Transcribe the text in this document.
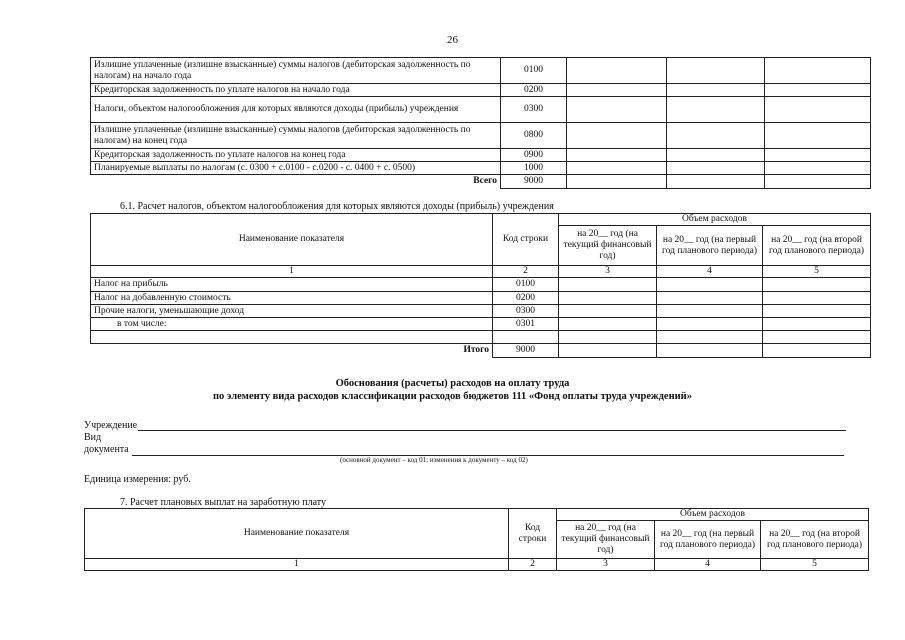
26
Излишне уплаченные (излишне взысканные) суммы налогов (дебиторская задолженность по налогам) на начало года	0100			
Кредиторская задолженность по уплате налогов на начало года	0200			
Налоги, объектом налогообложения для которых являются доходы (прибыль) учреждения	0300			
Излишне уплаченные (излишне взысканные) суммы налогов (дебиторская задолженность по налогам) на конец года	0800			
Кредиторская задолженность по уплате налогов на конец года	0900			
Планируемые выплаты по налогам (с. 0300 + с.0100 - с.0200 - с. 0400 + с. 0500)	1000			
Всего	9000			
6.1. Расчет налогов, объектом налогообложения для которых являются доходы (прибыль) учреждения
Наименование показателя	Код строки	Объем расходов		
		на 20__ год (на текущий финансовый год)	на 20__ год (на первый год планового периода)	на 20__ год (на второй год планового периода)
1	2	3	4	5
Налог на прибыль	0100			
Налог на добавленную стоимость	0200			
Прочие налоги, уменьшающие доход	0300			
в том числе:	0301			

Итого	9000			
Обоснования (расчеты) расходов на оплату труда
по элементу вида расходов классификации расходов бюджетов 111 «Фонд оплаты труда учреждений»
Учреждение
Вид
документа
(основной документ – код 01; изменения к документу – код 02)
Единица измерения: руб.
7. Расчет плановых выплат на заработную плату
Наименование показателя	Код строки	Объем расходов		
		на 20__ год (на текущий финансовый год)	на 20__ год (на первый год планового периода)	на 20__ год (на второй год планового периода)
1	2	3	4	5
